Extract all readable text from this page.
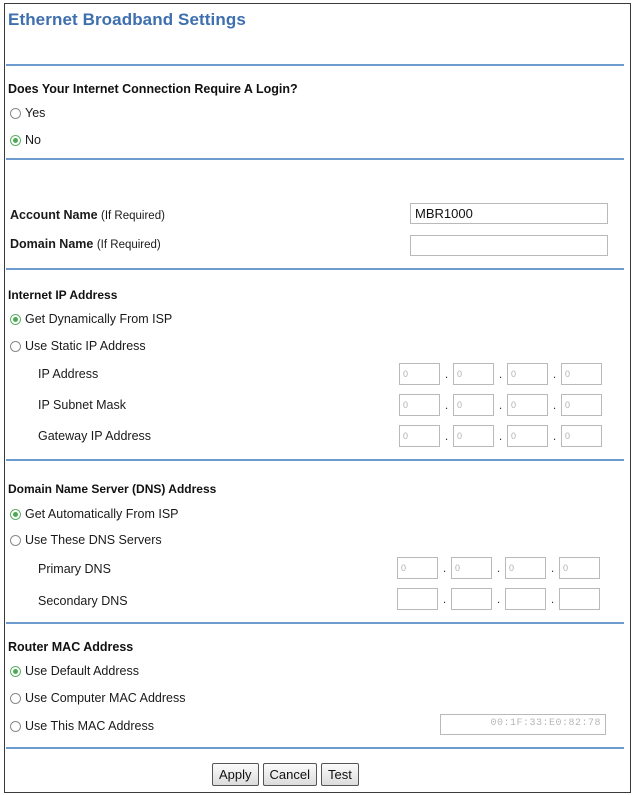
Ethernet Broadband Settings
Does Your Internet Connection Require A Login?
Yes
No
Account Name (If Required)	MBR1000
Domain Name (If Required)
Internet IP Address
Get Dynamically From ISP
Use Static IP Address
IP Address	0	. 0	. 0	. 0
IP Subnet Mask	0	. 0	. 0	. 0
Gateway IP Address	0	. 0	. 0	. 0
Domain Name Server (DNS) Address
Get Automatically From ISP
Use These DNS Servers
Primary DNS	0	. 0	. 0	. 0
Secondary DNS	.	.	.
Router MAC Address
Use Default Address
Use Computer MAC Address
Use This MAC Address	00:1F:33:E0:82:78
Apply	Cancel	Test
